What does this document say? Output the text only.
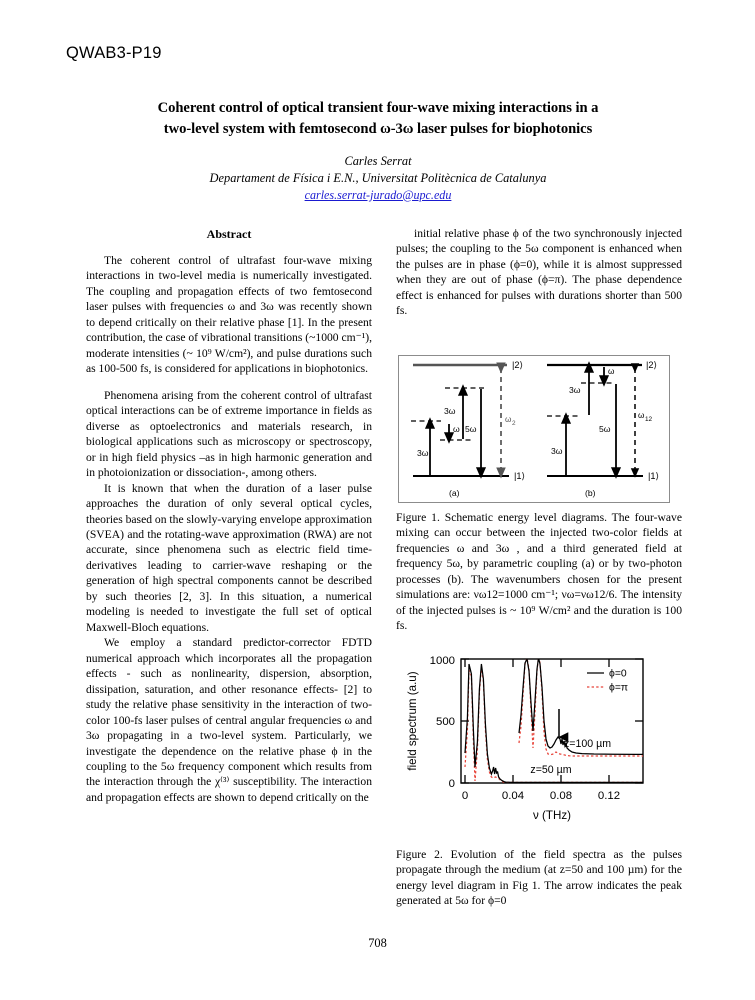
QWAB3-P19
Coherent control of optical transient four-wave mixing interactions in a
two-level system with femtosecond ω-3ω laser pulses for biophotonics
Carles Serrat
Departament de Física i E.N., Universitat Politècnica de Catalunya
carles.serrat-jurado@upc.edu
Abstract

The coherent control of ultrafast four-wave mixing interactions in two-level media is numerically investigated. The coupling and propagation effects of two femtosecond laser pulses with frequencies ω and 3ω was recently shown to depend critically on their relative phase [1]. In the present contribution, the case of vibrational transitions (~1000 cm⁻¹), moderate intensities (~ 10⁹ W/cm²), and pulse durations such as 100-500 fs, is considered for applications in biophotonics.

Phenomena arising from the coherent control of ultrafast optical interactions can be of extreme importance in fields as diverse as optoelectronics and materials research, in biological applications such as microscopy or spectroscopy, or in high field physics –as in high harmonic generation and in photoionization or dissociation-, among others.

It is known that when the duration of a laser pulse approaches the duration of only several optical cycles, theories based on the slowly-varying envelope approximation (SVEA) and the rotating-wave approximation (RWA) are not accurate, since phenomena such as electric field time-derivatives leading to carrier-wave reshaping or the generation of high spectral components cannot be described by such theories [2, 3]. In this situation, a numerical modeling is needed to investigate the full set of optical Maxwell-Bloch equations.

We employ a standard predictor-corrector FDTD numerical approach which incorporates all the propagation effects - such as nonlinearity, dispersion, absorption, dissipation, saturation, and other resonance effects- [2] to study the relative phase sensitivity in the interaction of two-color 100-fs laser pulses of central angular frequencies ω and 3ω propagating in a two-level system. Particularly, we investigate the dependence on the relative phase ϕ in the coupling to the 5ω frequency component which results from the interaction through the χ⁽³⁾ susceptibility. The interaction and propagation effects are shown to depend critically on the

initial relative phase ϕ of the two synchronously injected pulses; the coupling to the 5ω component is enhanced when the pulses are in phase (ϕ=0), while it is almost suppressed when they are out of phase (ϕ=π). The phase dependence effect is enhanced for pulses with durations shorter than 500 fs.

3ω
ω
3ω
5ω
ω 2
|2⟩
|1⟩
(a)
3ω
3ω
ω
5ω
ω 12
|2⟩
|1⟩
(b)
Figure 1. Schematic energy level diagrams. The four-wave mixing can occur between the injected two-color fields at frequencies ω and 3ω , and a third generated field at frequency 5ω, by parametric coupling (a) or by two-photon processes (b). The wavenumbers chosen for the present simulations are: νω12=1000 cm⁻¹; νω=νω12/6. The intensity of the injected pulses is ~ 10⁹ W/cm² and the duration is 100 fs.
0
500
1000
0	0.04 0.08 0.12
ν (THz)
field spectrum (a.u)	z=100 µm
z=50 µm
ϕ=0
ϕ=π
Figure 2. Evolution of the field spectra as the pulses propagate through the medium (at z=50 and 100 µm) for the energy level diagram in Fig 1. The arrow indicates the peak generated at 5ω for ϕ=0
708
